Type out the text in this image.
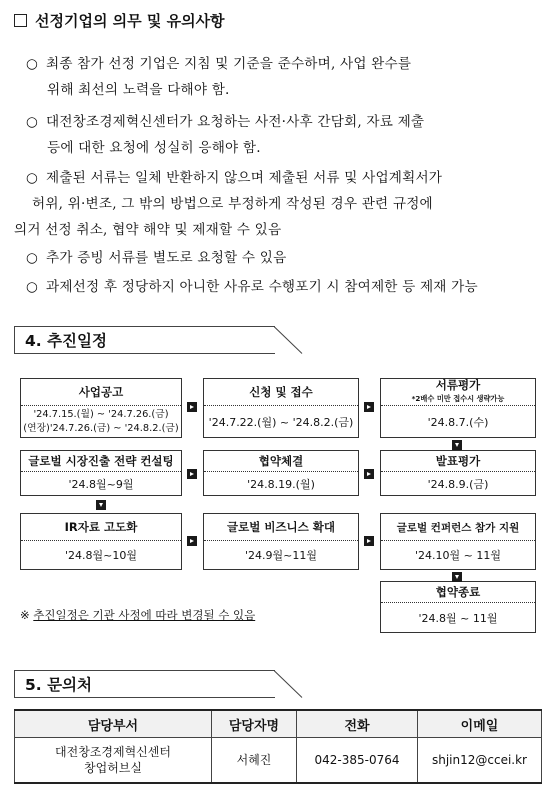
선정기업의 의무 및 유의사항
○ 최종 참가 선정 기업은 지침 및 기준을 준수하며, 사업 완수를
위해 최선의 노력을 다해야 함.
○ 대전창조경제혁신센터가 요청하는 사전·사후 간담회, 자료 제출
등에 대한 요청에 성실히 응해야 함.
○ 제출된 서류는 일체 반환하지 않으며 제출된 서류 및 사업계획서가
허위, 위·변조, 그 밖의 방법으로 부정하게 작성된 경우 관련 규정에
의거 선정 취소, 협약 해약 및 제재할 수 있음
○ 추가 증빙 서류를 별도로 요청할 수 있음
○ 과제선정 후 정당하지 아니한 사유로 수행포기 시 참여제한 등 제재 가능
4. 추진일정
사업공고
'24.7.15.(월) ~ '24.7.26.(금)
(연장)'24.7.26.(금) ~ '24.8.2.(금)
신청 및 접수
'24.7.22.(월) ~ '24.8.2.(금)
서류평가
*2배수 미만 접수시 생략가능
'24.8.7.(수)
글로벌 시장진출 전략 컨설팅
'24.8월~9월
협약체결
'24.8.19.(월)
발표평가
'24.8.9.(금)
IR자료 고도화
'24.8월~10월
글로벌 비즈니스 확대
'24.9월~11월
글로벌 컨퍼런스 참가 지원
'24.10월 ~ 11월
협약종료
'24.8월 ~ 11월
※ 추진일정은 기관 사정에 따라 변경될 수 있음
5. 문의처
담당부서	담당자명	전화	이메일

대전창조경제혁신센터
창업허브실	서혜진	042-385-0764	shjin12@ccei.kr
